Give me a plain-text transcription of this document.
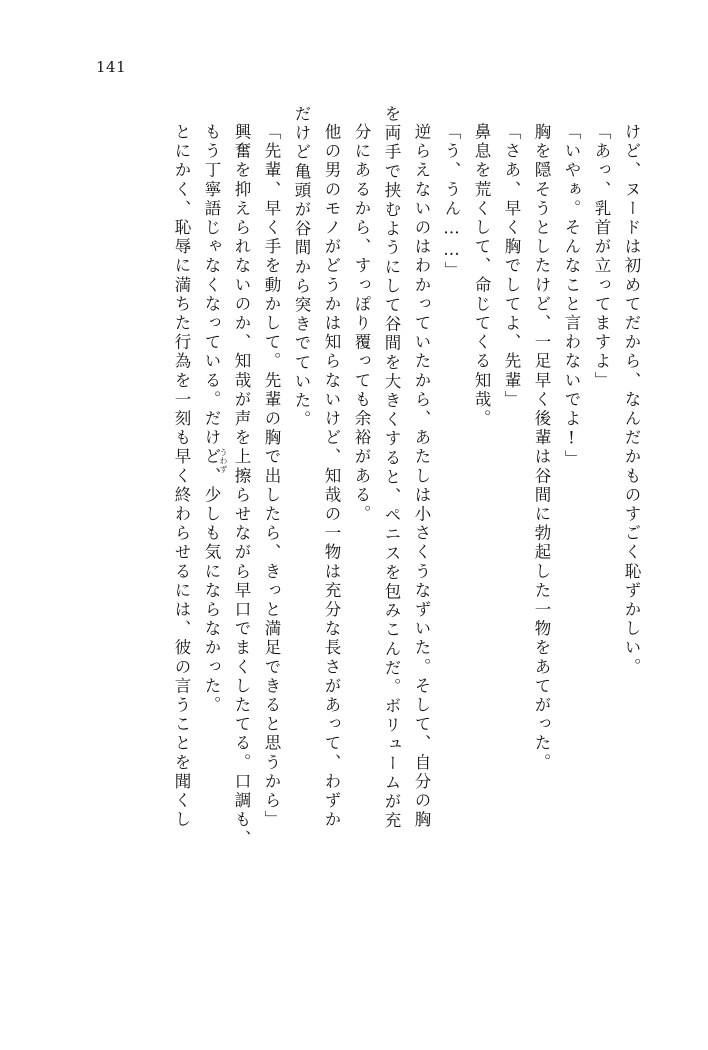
141
けど、ヌードは初めてだから、なんだかものすごく恥ずかしい。
「あっ、乳首が立ってますよ」
「いやぁ。そんなこと言わないでよ!」
胸を隠そうとしたけど、一足早く後輩は谷間に勃起した一物をあてがった。
「さあ、早く胸でしてよ、先輩」
鼻息を荒くして、命じてくる知哉。
「う、うん……」
逆らえないのはわかっていたから、あたしは小さくうなずいた。そして、自分の胸
を両手で挟むようにして谷間を大きくすると、ペニスを包みこんだ。ボリュームが充
分にあるから、すっぽり覆っても余裕がある。
他の男のモノがどうかは知らないけど、知哉の一物は充分な長さがあって、わずか
だけど亀頭が谷間から突きでていた。
「先輩、早く手を動かして。先輩の胸で出したら、きっと満足できると思うから」
興奮を抑えられないのか、知哉が声を上擦らせながら早口でまくしたてる。口調も、
もう丁寧語じゃなくなっている。だけど、少しも気にならなかった。
とにかく、恥辱に満ちた行為を一刻も早く終わらせるには、彼の言うことを聞くし	うわず
